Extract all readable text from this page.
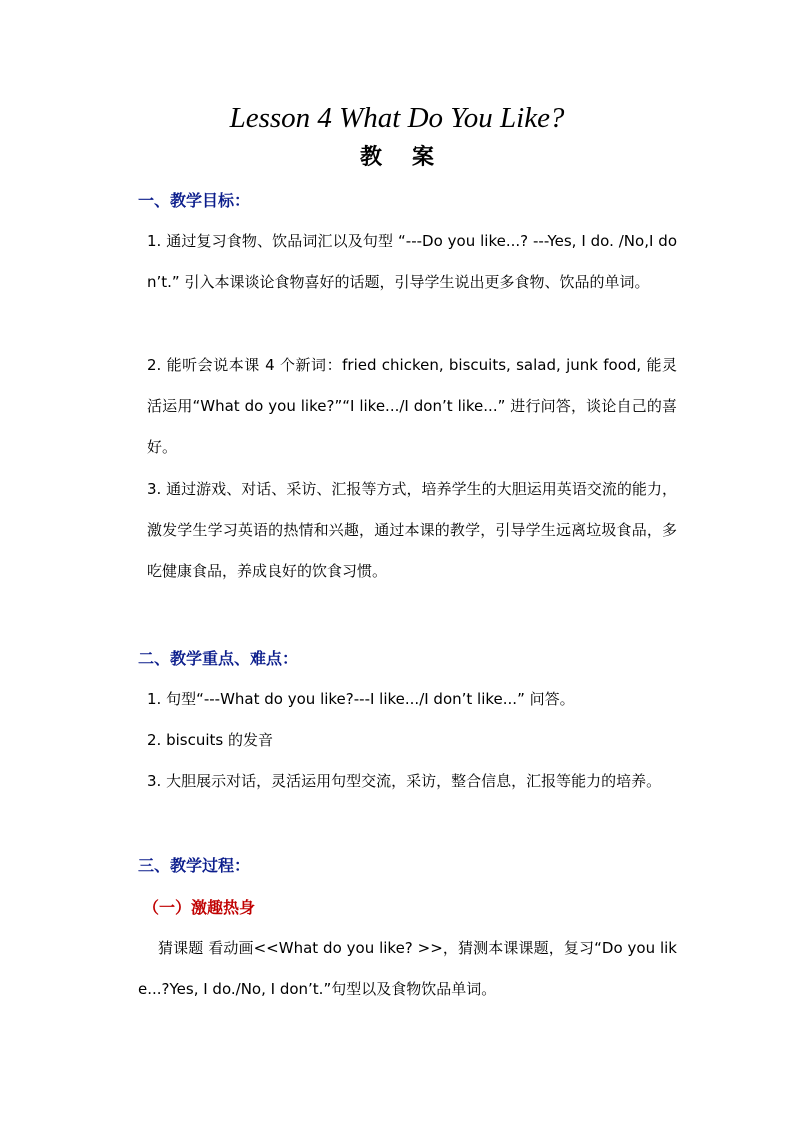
Lesson 4 What Do You Like?
教案
一、教学目标：
1. 通过复习食物、饮品词汇以及句型 “---Do you like...? ---Yes, I do. /No,I don’t.” 引入本课谈论食物喜好的话题，引导学生说出更多食物、饮品的单词。
2. 能听会说本课 4 个新词：fried chicken, biscuits, salad, junk food, 能灵活运用“What do you like?”“I like.../I don’t like...” 进行问答，谈论自己的喜好。
3. 通过游戏、对话、采访、汇报等方式，培养学生的大胆运用英语交流的能力，激发学生学习英语的热情和兴趣，通过本课的教学，引导学生远离垃圾食品，多吃健康食品，养成良好的饮食习惯。
二、教学重点、难点：
1. 句型“---What do you like?---I like.../I don’t like...” 问答。
2. biscuits 的发音
3. 大胆展示对话，灵活运用句型交流，采访，整合信息，汇报等能力的培养。
三、教学过程：
（一）激趣热身
猜课题 看动画<<What do you like? >>，猜测本课课题，复习“Do you like...?Yes, I do./No, I don’t.”句型以及食物饮品单词。
